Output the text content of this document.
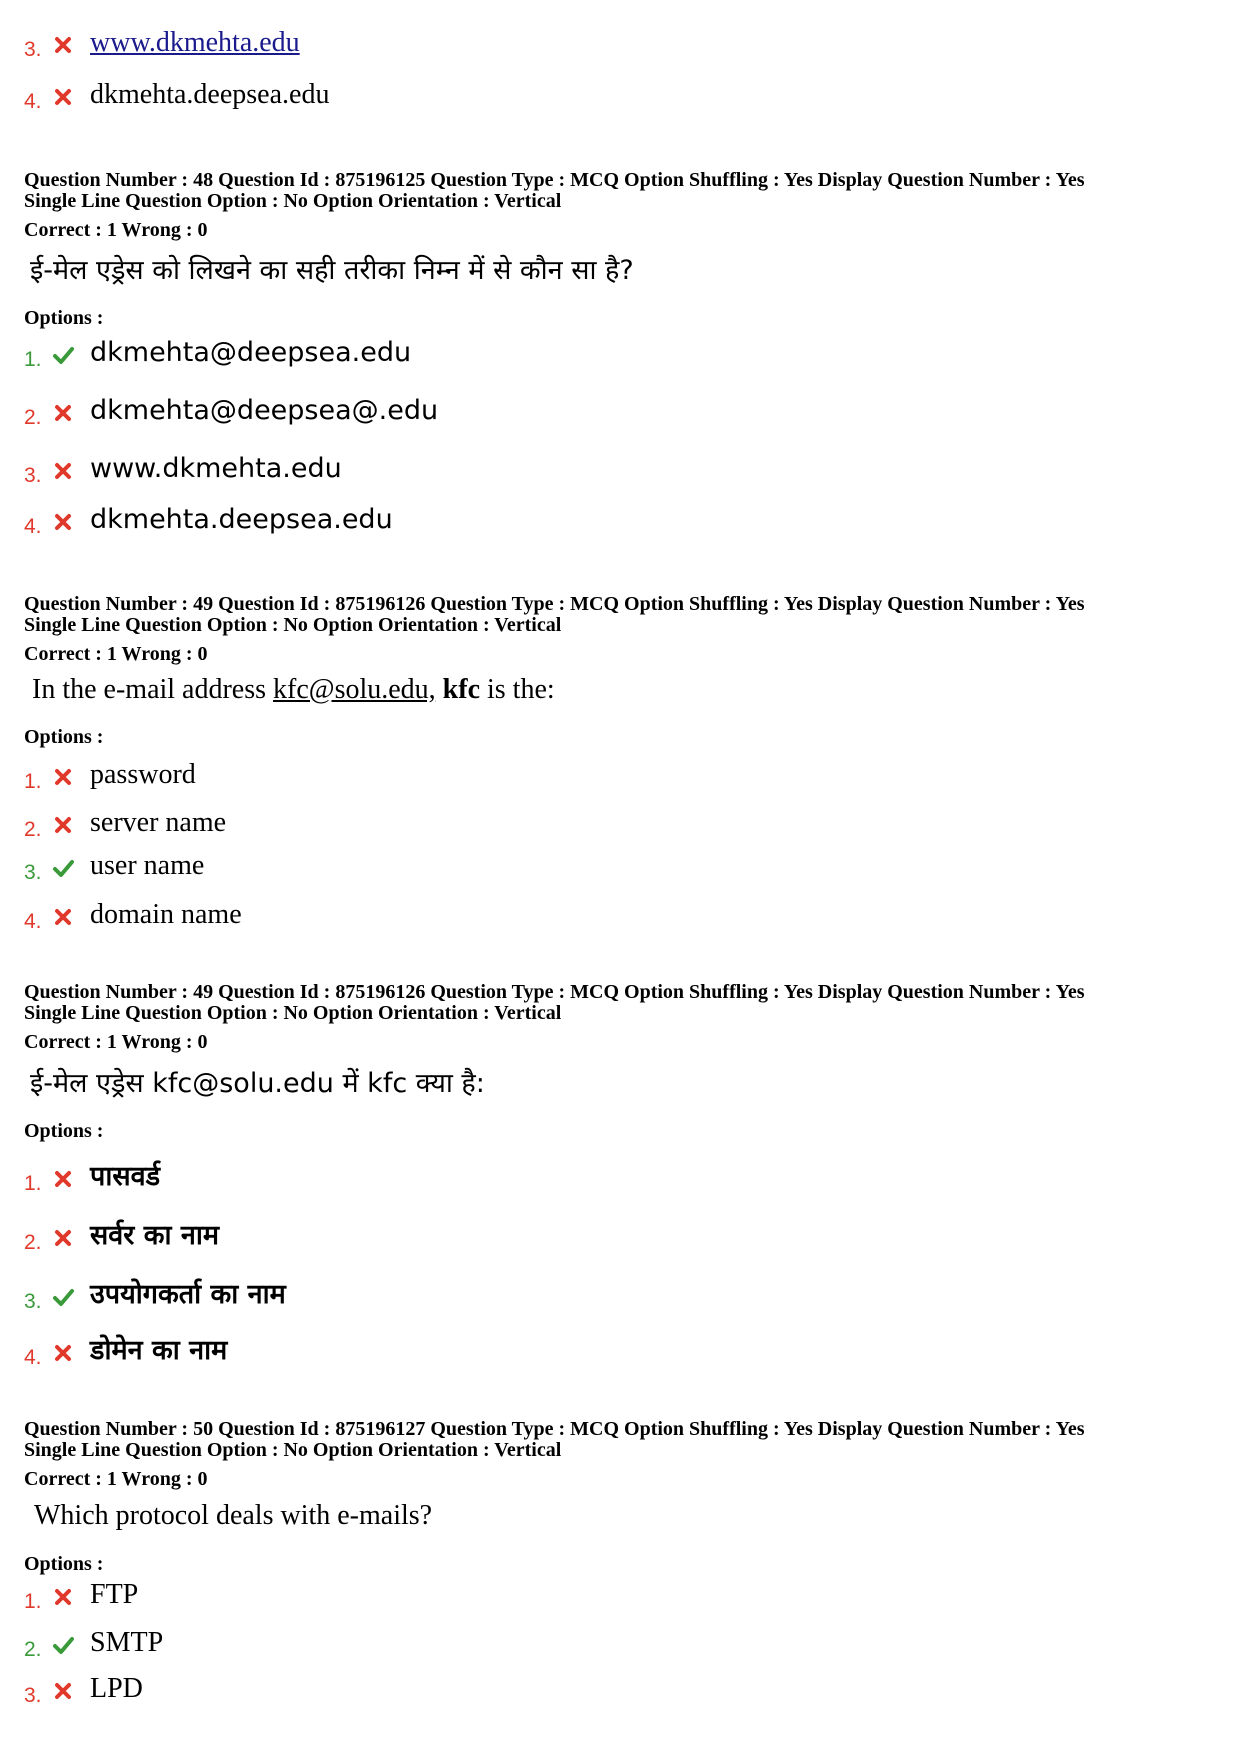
3. www.dkmehta.edu
4. dkmehta.deepsea.edu
Question Number : 48 Question Id : 875196125 Question Type : MCQ Option Shuffling : Yes Display Question Number : Yes
Single Line Question Option : No Option Orientation : Vertical
Correct : 1 Wrong : 0
ई-मेल एड्रेस को लिखने का सही तरीका निम्न में से कौन सा है?
Options :
1. dkmehta@deepsea.edu
2. dkmehta@deepsea@.edu
3. www.dkmehta.edu
4. dkmehta.deepsea.edu
Question Number : 49 Question Id : 875196126 Question Type : MCQ Option Shuffling : Yes Display Question Number : Yes
Single Line Question Option : No Option Orientation : Vertical
Correct : 1 Wrong : 0
In the e-mail address kfc@solu.edu, kfc is the:
Options :
1. password
2. server name
3. user name
4. domain name
Question Number : 49 Question Id : 875196126 Question Type : MCQ Option Shuffling : Yes Display Question Number : Yes
Single Line Question Option : No Option Orientation : Vertical
Correct : 1 Wrong : 0
ई-मेल एड्रेस kfc@solu.edu में kfc क्या है:
Options :
1. पासवर्ड
2. सर्वर का नाम
3. उपयोगकर्ता का नाम
4. डोमेन का नाम
Question Number : 50 Question Id : 875196127 Question Type : MCQ Option Shuffling : Yes Display Question Number : Yes
Single Line Question Option : No Option Orientation : Vertical
Correct : 1 Wrong : 0
Which protocol deals with e-mails?
Options :
1. FTP
2. SMTP
3. LPD
